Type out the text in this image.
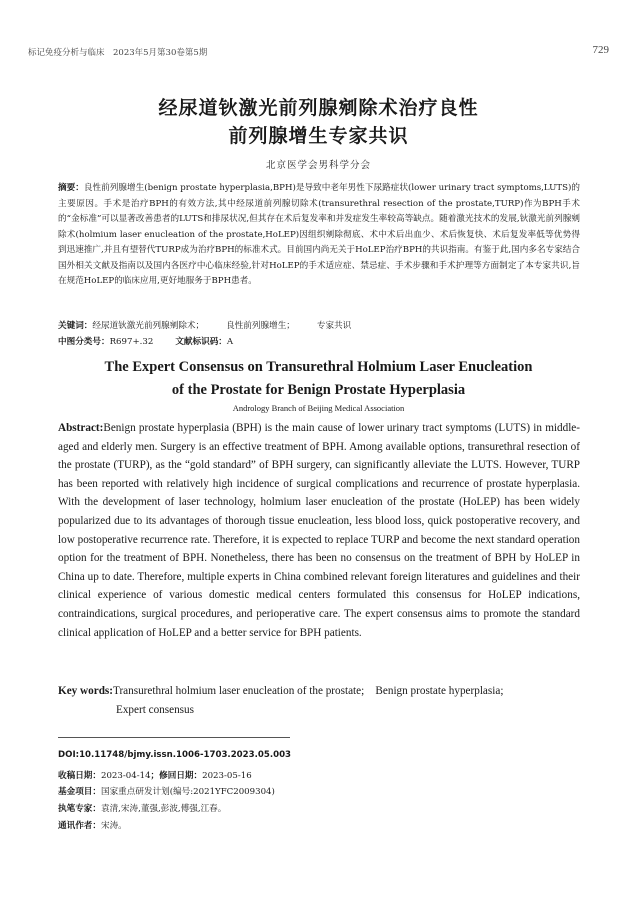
标记免疫分析与临床　2023年5月第30卷第5期	729
经尿道钬激光前列腺剜除术治疗良性
前列腺增生专家共识
北京医学会男科学分会
摘要：良性前列腺增生(benign prostate hyperplasia,BPH)是导致中老年男性下尿路症状(lower urinary tract symptoms,LUTS)的主要原因。手术是治疗BPH的有效方法,其中经尿道前列腺切除术(transurethral resection of the prostate,TURP)作为BPH手术的“金标准”可以显著改善患者的LUTS和排尿状况,但其存在术后复发率和并发症发生率较高等缺点。随着激光技术的发展,钬激光前列腺剜除术(holmium laser enucleation of the prostate,HoLEP)因组织剜除彻底、术中术后出血少、术后恢复快、术后复发率低等优势得到迅速推广,并且有望替代TURP成为治疗BPH的标准术式。目前国内尚无关于HoLEP治疗BPH的共识指南。有鉴于此,国内多名专家结合国外相关文献及指南以及国内各医疗中心临床经验,针对HoLEP的手术适应症、禁忌症、手术步骤和手术护理等方面制定了本专家共识,旨在规范HoLEP的临床应用,更好地服务于BPH患者。
关键词：经尿道钬激光前列腺剜除术；	良性前列腺增生；	专家共识
中图分类号：R697+.32	文献标识码：A
The Expert Consensus on Transurethral Holmium Laser Enucleation
of the Prostate for Benign Prostate Hyperplasia
Andrology Branch of Beijing Medical Association
Abstract:Benign prostate hyperplasia (BPH) is the main cause of lower urinary tract symptoms (LUTS) in middle-aged and elderly men. Surgery is an effective treatment of BPH. Among available options, transurethral resection of the prostate (TURP), as the “gold standard” of BPH surgery, can significantly alleviate the LUTS. However, TURP has been reported with relatively high incidence of surgical complications and recurrence of prostate hyperplasia. With the development of laser technology, holmium laser enucleation of the prostate (HoLEP) has been widely popularized due to its advantages of thorough tissue enucleation, less blood loss, quick postoperative recovery, and low postoperative recurrence rate. Therefore, it is expected to replace TURP and become the next standard operation option for the treatment of BPH. Nonetheless, there has been no consensus on the treatment of BPH by HoLEP in China up to date. Therefore, multiple experts in China combined relevant foreign literatures and guidelines and their clinical experience of various domestic medical centers formulated this consensus for HoLEP indications, contraindications, surgical procedures, and perioperative care. The expert consensus aims to promote the standard clinical application of HoLEP and a better service for BPH patients.
Key words:Transurethral holmium laser enucleation of the prostate;　Benign prostate hyperplasia;
Expert consensus
DOI:10.11748/bjmy.issn.1006-1703.2023.05.003
收稿日期：2023-04-14；修回日期：2023-05-16
基金项目：国家重点研发计划(编号:2021YFC2009304)
执笔专家：袁清,宋涛,董强,彭波,傅强,江春。
通讯作者：宋涛。
